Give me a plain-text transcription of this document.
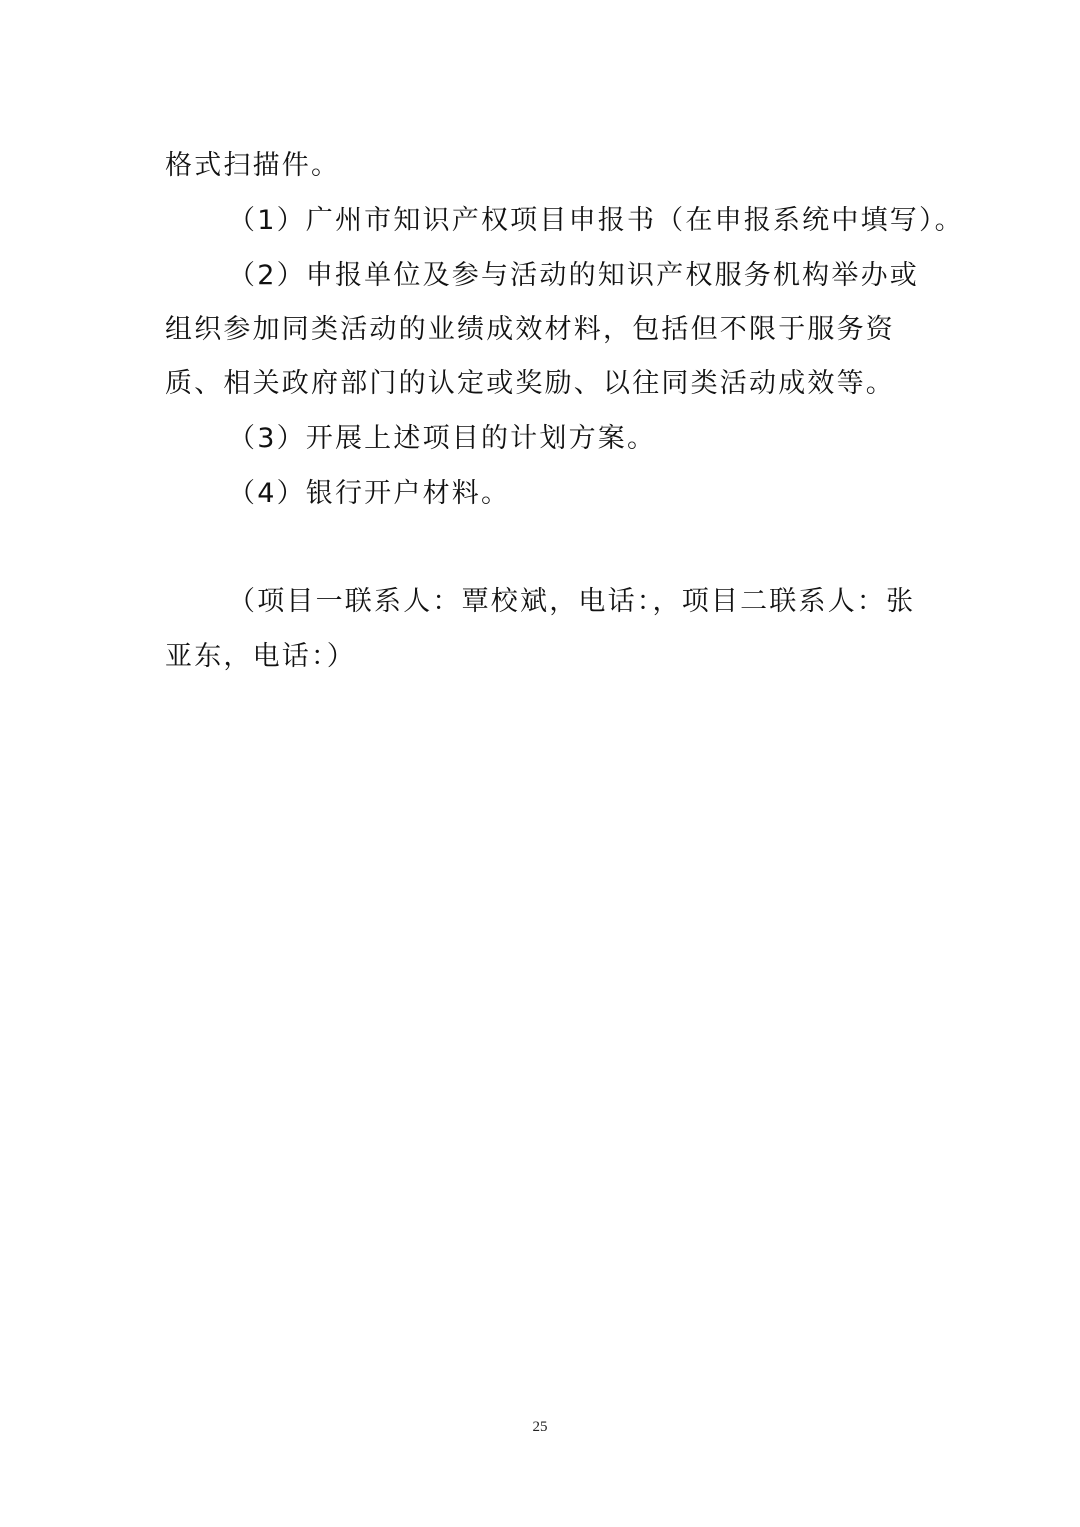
格式扫描件。
（1）广州市知识产权项目申报书（在申报系统中填写）。
（2）申报单位及参与活动的知识产权服务机构举办或
组织参加同类活动的业绩成效材料，包括但不限于服务资
质、相关政府部门的认定或奖励、以往同类活动成效等。
（3）开展上述项目的计划方案。
（4）银行开户材料。
（项目一联系人：覃校斌，电话：，项目二联系人：张
亚东，电话：）
25
